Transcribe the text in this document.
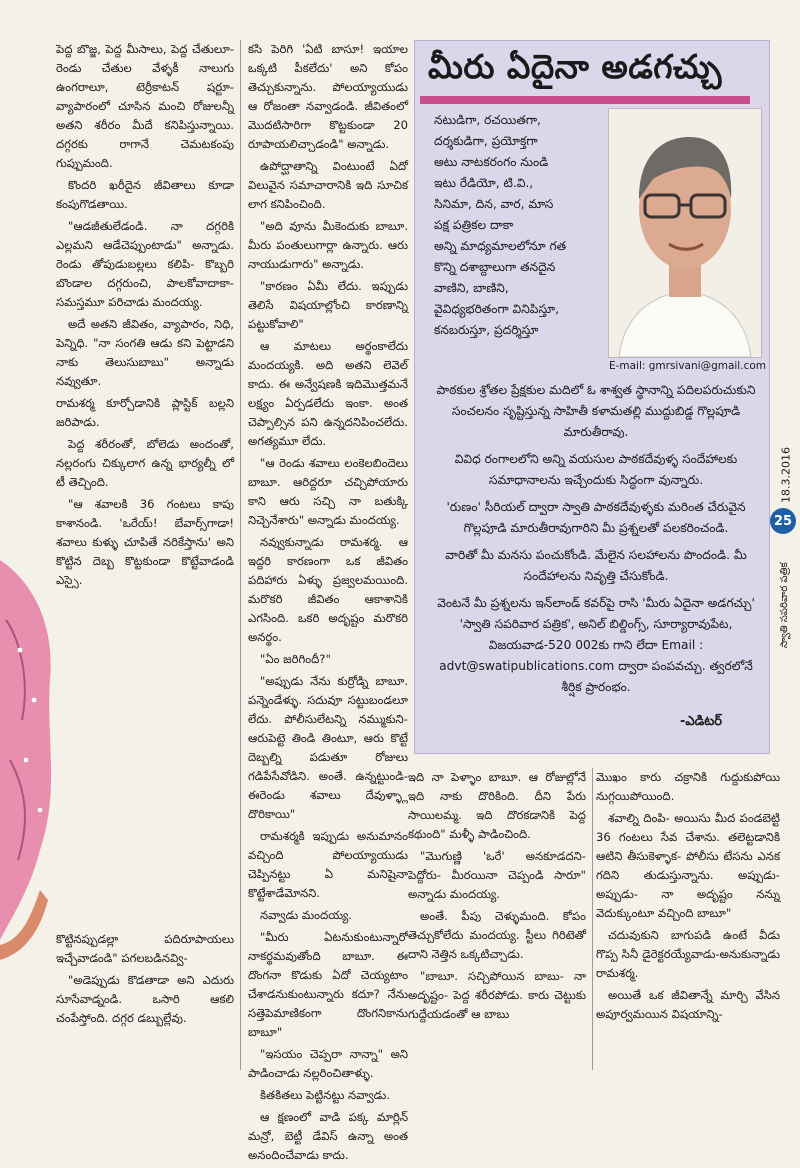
పెద్ద బొజ్జ, పెద్ద మీసాలు, పెద్ద చేతులూ- రెండు చేతుల వేళ్ళకీ నాలుగు ఉంగరాలూ, టెర్రీకాటన్ షర్టూ- వ్యాపారంలో చూసిన మంచి రోజులన్నీ అతని శరీరం మీదే కనిపిస్తున్నాయి. దగ్గరకు రాగానే చెమటకంపు గుప్పుమంది.

కొందరి ఖరీదైన జీవితాలు కూడా కంపుగొడతాయి.

"ఆడజీతులేడండి. నా దగ్గరికి ఎల్లమని ఆడేచెప్పుంటాడు" అన్నాడు. రెండు తోపుడుబల్లలు కలిపి- కొబ్బరి బొండాల దగ్గరుంచి, పాలకోవాదాకా- సమస్తమూ పరిచాడు మందయ్య.

అదే అతని జీవితం, వ్యాపారం, నిధి, పెన్నిధి. "నా సంగతి ఆడు కని పెట్టాడని నాకు తెలుసుబాబు" అన్నాడు నవ్వుతూ.

రామశర్మ కూర్చోడానికి ప్లాస్టిక్ బల్లని జరిపాడు.

పెద్ద శరీరంతో, బోలెడు అందంతో, నల్లరంగు చిక్కులాగ ఉన్న భార్యల్నీ లో టీ తెచ్చింది.

"ఆ శవాలకి 36 గంటలు కాపు కాశానండి. 'ఒరేయ్! బేవార్స్‌గాడా! శవాలు కుళ్ళు చూపితే నరికేస్తాను' అని కొట్టిన దెబ్బ కొట్టకుండా కొట్టేవాడండి ఎస్సై.

కొట్టినప్పుడల్లా పదిరూపాయలు ఇచ్చేవాడండి" పగలబడినవ్వి-

"అడెప్పుడు కొడతాడా అని ఎదురు సూసేవాడ్నండి. ఒసారి ఆకలి చంపేస్తోంది. దగ్గర డబ్బుల్లేవు.

కసి పెరిగి 'ఏటి బాసూ! ఇయాల ఒక్కటి పీకలేదు' అని కోపం తెచ్చుకున్నాను. పోలయ్యాయుడు ఆ రోజంతా నవ్వాడండి. జీవితంలో మొదటిసారిగా కొట్టకుండా 20 రూపాయలిచ్చాడండి" అన్నాడు.

ఉపోద్ఘాతాన్ని వింటుంటే ఏదో విలువైన సమాచారానికి ఇది సూచిక లాగ కనిపించింది.

"అది వూను మీకెందుకు బాబూ. మీరు పంతులుగార్లా ఉన్నారు. ఆరు నాయుడుగారు" అన్నాడు.

"కారణం ఏమీ లేదు. ఇప్పుడు తెలిసే విషయాల్లోంచి కారణాన్ని పట్టుకోవాలి"

ఆ మాటలు అర్థంకాలేదు మందయ్యకి. అది అతని లెవెల్ కాదు. ఈ అన్వేషణకి ఇదిమొత్తమనే లక్ష్యం ఏర్పడలేదు ఇంకా. అంత చెప్పాల్సిన పని ఉన్నదనిపించలేదు. అగత్యమూ లేదు.

"ఆ రెండు శవాలు లంకెలబిందెలు బాబూ. ఆరిద్దరూ చచ్చిపోయారు కాని ఆరు సచ్చి నా బతుక్కి నిచ్చెనేశారు" అన్నాడు మందయ్య.

నవ్వుకున్నాడు రామశర్మ. ఆ ఇద్దరి కారణంగా ఒక జీవితం పదిహారు ఏళ్ళు ప్రజ్వలమయింది. మరొకరి జీవితం ఆకాశానికి ఎగసింది. ఒకరి అదృష్టం మరొకరి అనర్థం.

"ఏం జరిగిందీ?"

"అప్పుడు నేను కుర్రోడ్ని బాబూ. పన్నెండేళ్ళు. సదువూ సట్టుబండలూ లేదు. పోలీసులేటన్ని నమ్ముకుని-ఆరుపెట్టె తిండి తింటూ, ఆరు కొట్టే దెబ్బల్ని పడుతూ రోజులు గడిపేసేవోడిని. అంతే. ఉన్నట్టుండి- ఈరెండు శవాలు దేవుళ్ళ్లా దొరికాయి"

రామశర్మకి ఇప్పుడు అనుమానం వచ్చింది పోలయ్యాయుడు చెప్పినట్టు ఏ మనిషైనా కొట్టేశాడేమోనని.

నవ్వాడు మందయ్య.

"మీరు ఏటనుకుంటున్నారో నాకర్థమవుతోంది బాబూ. ఈ దొంగనా కొడుకు ఏదో చెయ్యటాం చేశాడనుకుంటున్నారు కదూ? నేను సత్తెపెమాణికంగా దొంగనికాను బాబూ"

"ఇసయం చెప్పరా నాన్నా" అని పాడించాడు నల్లరించితాళ్ళు.

కితకితలు పెట్టినట్టు నవ్వాడు.

ఆ క్షణంలో వాడి పక్క మార్లిన్ మన్రో, బెట్టీ డేవిస్ ఉన్నా అంత అనందించేవాడు కాదు.

మీరు ఏదైనా అడగచ్చు

నటుడిగా, రచయితగా,

దర్శకుడిగా, ప్రయోక్తగా

అటు నాటకరంగం నుండి

ఇటు రేడియో, టి.వి.,

సినిమా, దిన, వార, మాస

పక్ష పత్రికల దాకా

అన్ని మాధ్యమాలలోనూ గత

కొన్ని దశాబ్దాలుగా తనదైన

వాణిని, బాణిని,

వైవిధ్యభరితంగా వినిపిస్తూ,

కనబరుస్తూ, ప్రదర్శిస్తూ

E-mail: gmrsivani@gmail.com

పాఠకుల శ్రోతల ప్రేక్షకుల మదిలో ఓ శాశ్వత స్థానాన్ని పదిలపరుచుకుని సంచలనం సృష్టిస్తున్న సాహితీ కళామతల్లి ముద్దుబిడ్డ గొల్లపూడి మారుతీరావు.

వివిధ రంగాలలోని అన్ని వయసుల పాఠకదేవుళ్ళ సందేహాలకు సమాధానాలను ఇచ్చేందుకు సిద్ధంగా వున్నారు.

'రుణం' సీరియల్ ద్వారా స్వాతి పాఠకదేవుళ్ళకు మరింత చేరువైన గొల్లపూడి మారుతీరావుగారిని మీ ప్రశ్నలతో పలకరించండి.

వారితో మీ మనసు పంచుకోండి. మేలైన సలహాలను పొందండి. మీ సందేహాలను నివృత్తి చేసుకోండి.

వెంటనే మీ ప్రశ్నలను ఇన్‌లాండ్ కవర్‌పై రాసి 'మీరు ఏదైనా అడగచ్చు' 'స్వాతి సపరివార పత్రిక', అనిల్ బిల్డింగ్స్, సూర్యారావుపేట, విజయవాడ-520 002కు గాని లేదా Email : advt@swatipublications.com ద్వారా పంపవచ్చు. త్వరలోనే శీర్షిక ప్రారంభం.

-ఎడిటర్

ఇది నా పెళ్ళాం బాబూ. ఆ రోజుల్లోనే ఇది నాకు దొరికింది. దీని పేరు సాయిలమ్మ. ఇది దొరకడానికి పెద్ద కథుంది" మళ్ళీ పాడించింది.

"మొగుణ్ణి 'ఒరే' అనకూడదని- పెద్దోరు- మీరయినా చెప్పండి సారూ" అన్నాడు మందయ్య.

అంతే. పీపు చెళ్ళుమంది. కోపం తెచ్చుకోలేదు మందయ్య. స్టీలు గిరిటెతో దాని నెత్తిన ఒక్కటిచ్చాడు.

"బాబూ. సచ్చిపోయిన బాబు- నా అదృష్టం- పెద్ద శరీరపోడు. కారు చెట్టుకు గుద్దేయడంతో ఆ బాబు

మొఖం కారు చక్రానికి గుద్దుకుపోయి నుగ్గయిపోయింది.

శవాల్ని దింపి- అయిసు మీద పండబెట్టి 36 గంటలు సేవ చేశాను. తలెట్టడానికి ఆటిని తీసుకెళ్ళాక- పోలీసు టేసను ఎనక గదిని తుడుస్తున్నాను. అప్పుడు- అప్పుడు- నా అదృష్టం నన్ను వెదుక్కుంటూ వచ్చింది బాబూ"

చదువుకుని బాగుపడి ఉంటే వీడు గొప్ప సినీ డైరెక్టరయ్యేవాడు-అనుకున్నాడు రామశర్మ.

అయితే ఒక జీవితాన్నే మార్చి వేసిన అపూర్వమయిన విషయాన్ని-

18.3.2016
25
స్వాతి సపరివార పత్రిక
